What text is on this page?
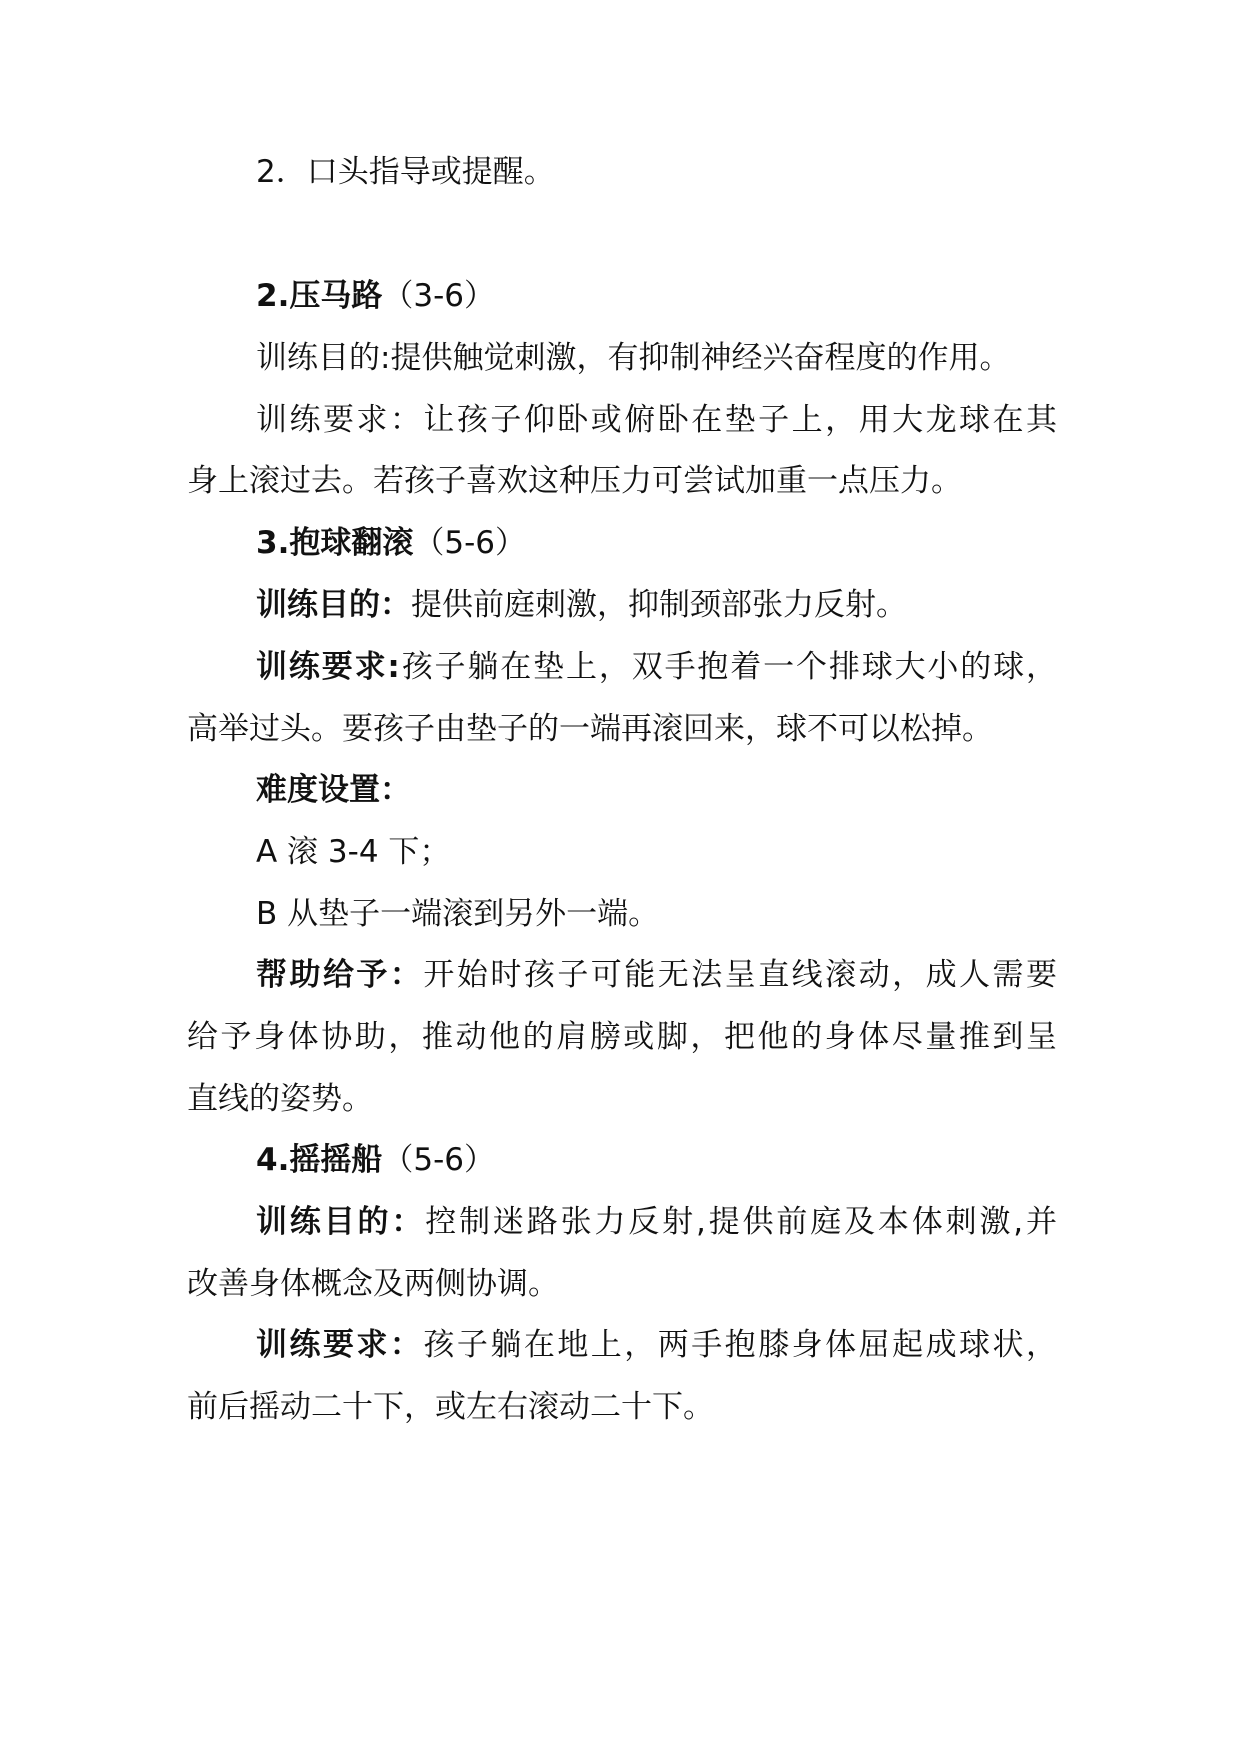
2．口头指导或提醒。
2.压马路（3-6）
训练目的:提供触觉刺激，有抑制神经兴奋程度的作用。
训练要求：让孩子仰卧或俯卧在垫子上，用大龙球在其
身上滚过去。若孩子喜欢这种压力可尝试加重一点压力。
3.抱球翻滚（5-6）
训练目的：提供前庭刺激，抑制颈部张力反射。
训练要求:孩子躺在垫上，双手抱着一个排球大小的球，
高举过头。要孩子由垫子的一端再滚回来，球不可以松掉。
难度设置：
A 滚 3-4 下；
B 从垫子一端滚到另外一端。
帮助给予：开始时孩子可能无法呈直线滚动，成人需要
给予身体协助，推动他的肩膀或脚，把他的身体尽量推到呈
直线的姿势。
4.摇摇船（5-6）
训练目的：控制迷路张力反射,提供前庭及本体刺激,并
改善身体概念及两侧协调。
训练要求：孩子躺在地上，两手抱膝身体屈起成球状，
前后摇动二十下，或左右滚动二十下。
